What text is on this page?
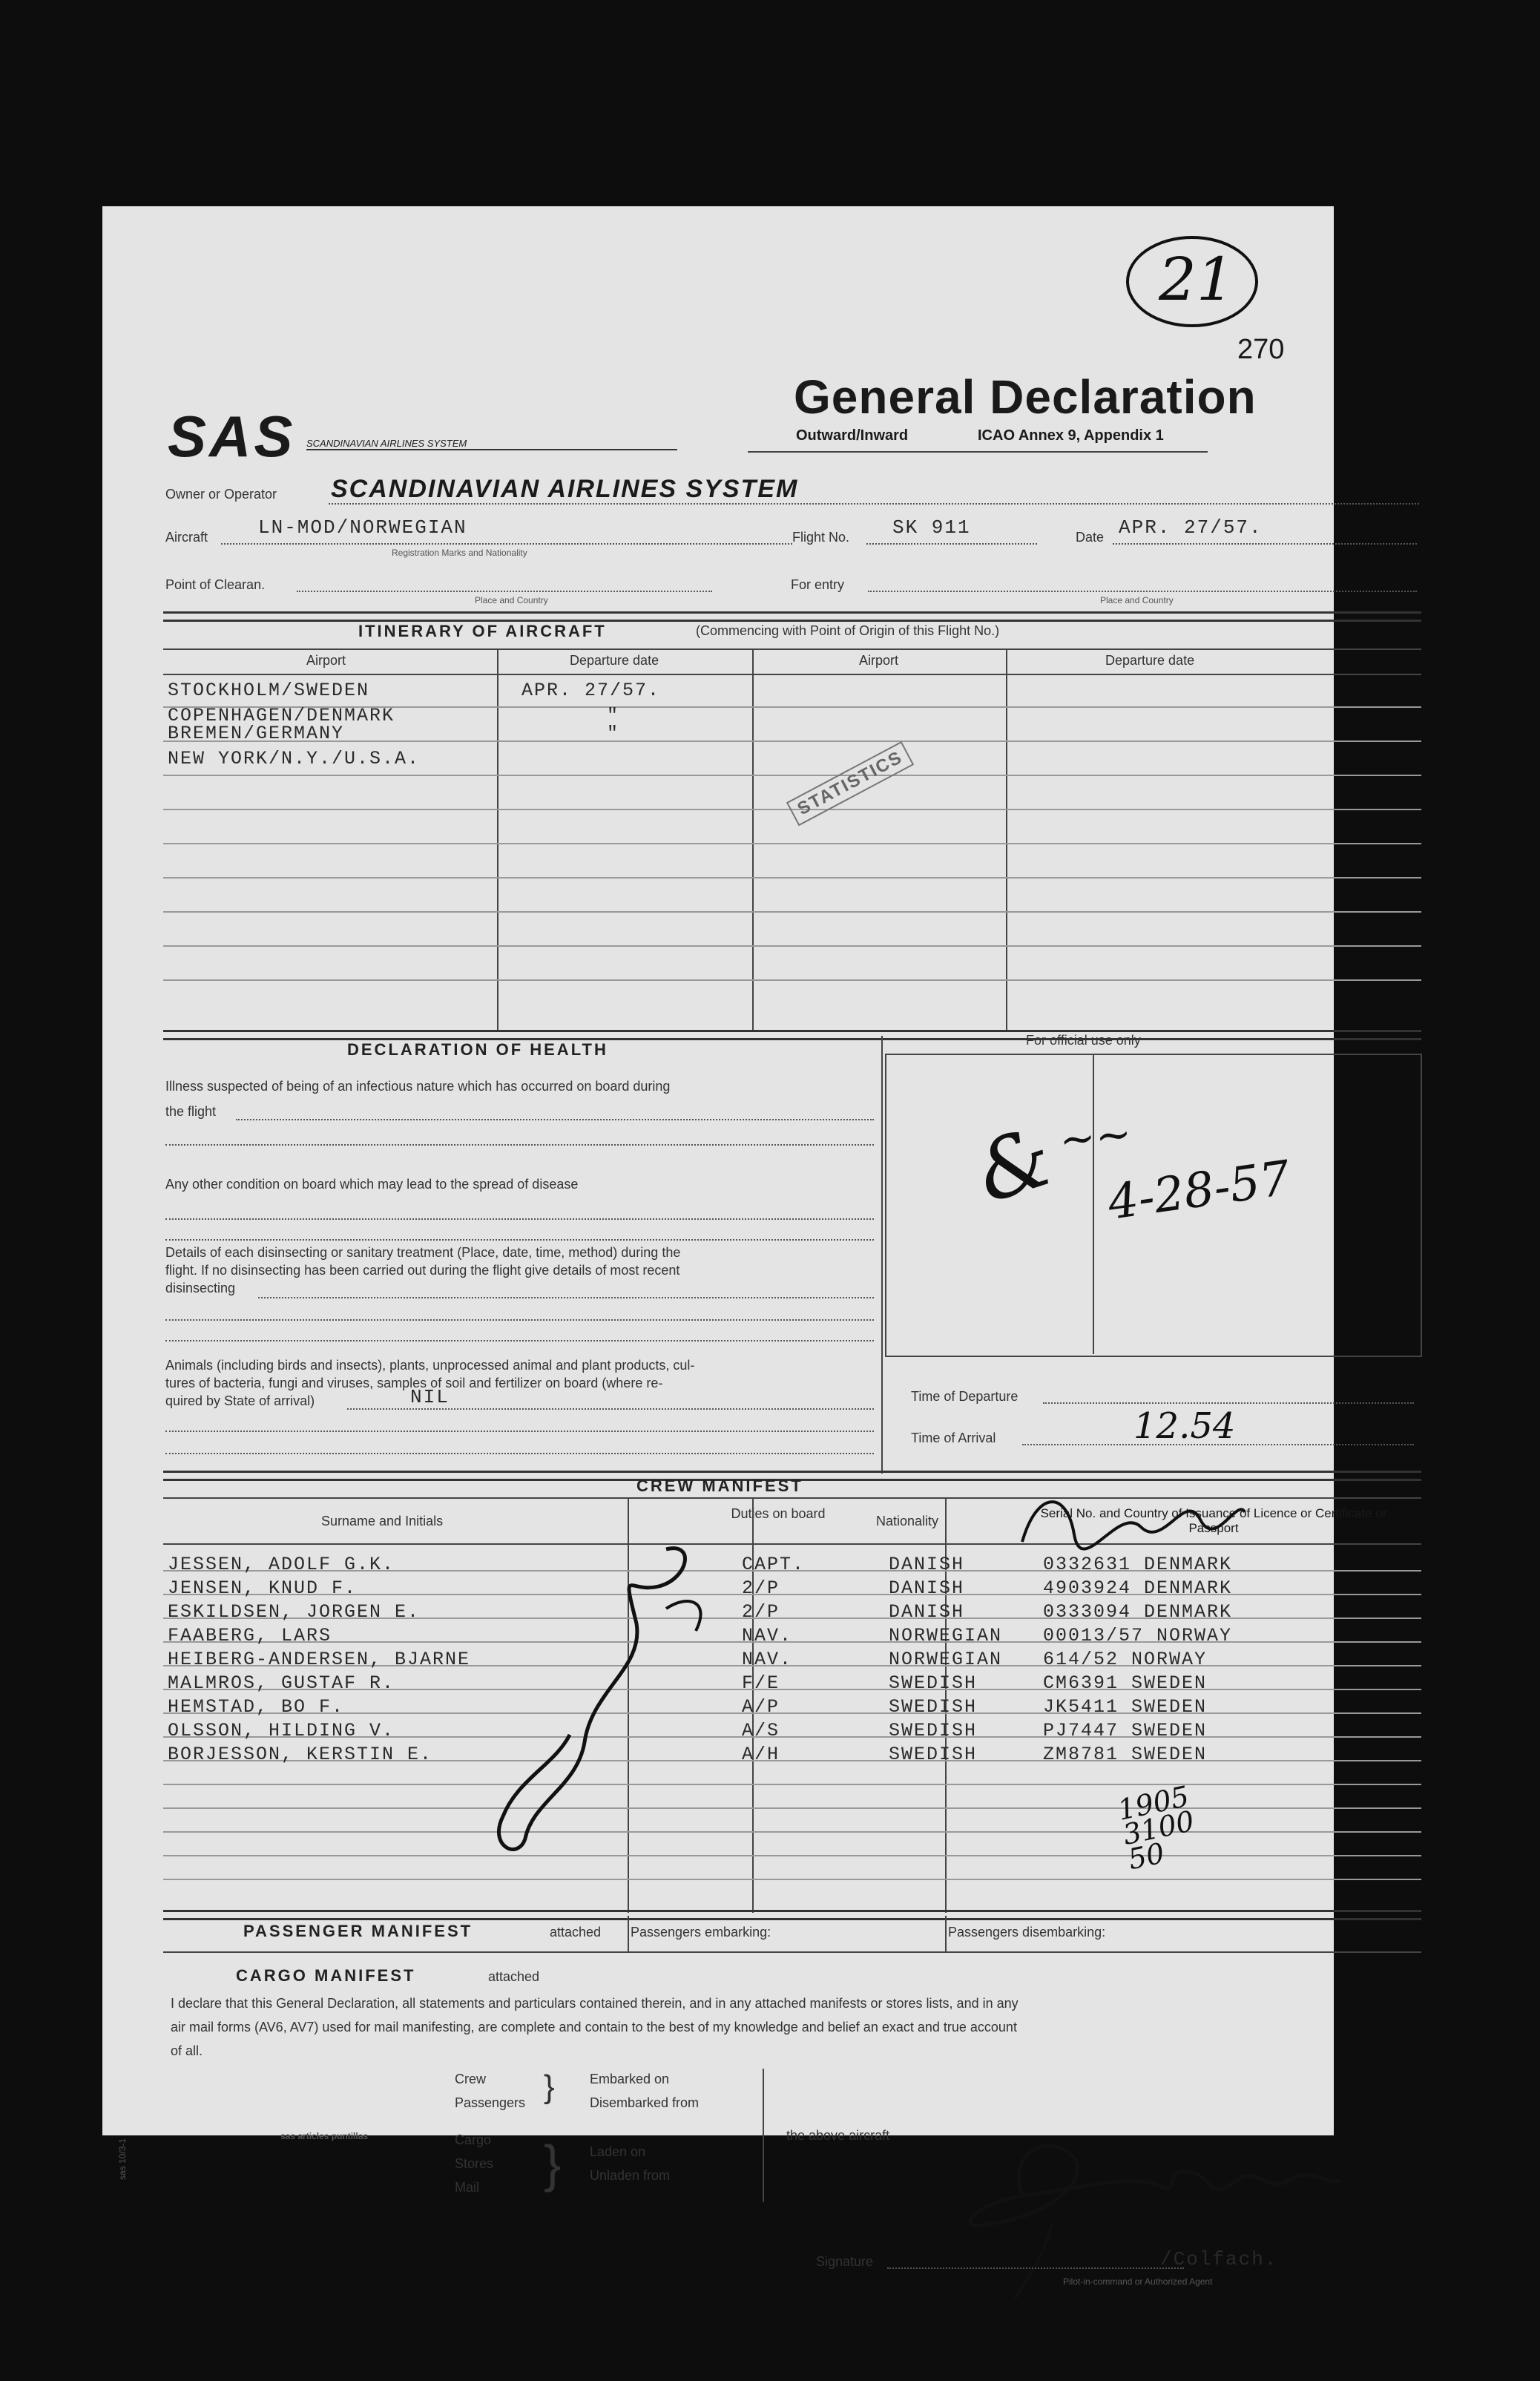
21
270
SAS SCANDINAVIAN AIRLINES SYSTEM
General Declaration
Outward/Inward	ICAO Annex 9, Appendix 1
Owner or Operator SCANDINAVIAN AIRLINES SYSTEM
Aircraft	LN-MOD/NORWEGIAN
Registration Marks and Nationality
Flight No. SK 911	Date APR. 27/57.
Point of Clearan.
Place and Country
For entry
Place and Country
ITINERARY OF AIRCRAFT	(Commencing with Point of Origin of this Flight No.)
Airport	Departure date	Airport	Departure date
STOCKHOLM/SWEDEN	APR. 27/57.
COPENHAGEN/DENMARK	"
BREMEN/GERMANY	"
NEW YORK/N.Y./U.S.A.	STATISTICS
DECLARATION OF HEALTH
Illness suspected of being of an infectious nature which has occurred on board during
the flight
Any other condition on board which may lead to the spread of disease
Details of each disinsecting or sanitary treatment (Place, date, time, method) during the
flight. If no disinsecting has been carried out during the flight give details of most recent
disinsecting
Animals (including birds and insects), plants, unprocessed animal and plant products, cul-
tures of bacteria, fungi and viruses, samples of soil and fertilizer on board (where re-
quired by State of arrival)	NIL
For official use only
&
~~
4-28-57
Time of Departure
Time of Arrival	12.54
CREW MANIFEST
Surname and Initials	Duties on board	Nationality
Serial No. and Country of Issuance of Licence or Certificate or Passport
JESSEN, ADOLF G.K.	CAPT.	DANISH	0332631 DENMARK
JENSEN, KNUD F.	2/P	DANISH	4903924 DENMARK
ESKILDSEN, JORGEN E.	2/P	DANISH	0333094 DENMARK
FAABERG, LARS	NAV.	NORWEGIAN 00013/57 NORWAY
HEIBERG-ANDERSEN, BJARNE	NAV.	NORWEGIAN 614/52 NORWAY
MALMROS, GUSTAF R.	F/E	SWEDISH	CM6391 SWEDEN
HEMSTAD, BO F.	A/P	SWEDISH	JK5411 SWEDEN
OLSSON, HILDING V.	A/S	SWEDISH	PJ7447 SWEDEN
BORJESSON, KERSTIN E.	A/H	SWEDISH	ZM8781 SWEDEN
1905 3100 50
PASSENGER MANIFEST	attached Passengers embarking:	Passengers disembarking:
CARGO MANIFEST	attached
I declare that this General Declaration, all statements and particulars contained therein, and in any attached manifests or stores lists, and in any
air mail forms (AV6, AV7) used for mail manifesting, are complete and contain to the best of my knowledge and belief an exact and true account
of all.
Crew
Passengers }	Embarked on
Disembarked from
Cargo
Stores
Mail } Laden on
Unladen from
the above aircraft
Signature	/Colfach.
Pilot-in-command or Authorized Agent
sas 10/3-1
sas articles puntillas
